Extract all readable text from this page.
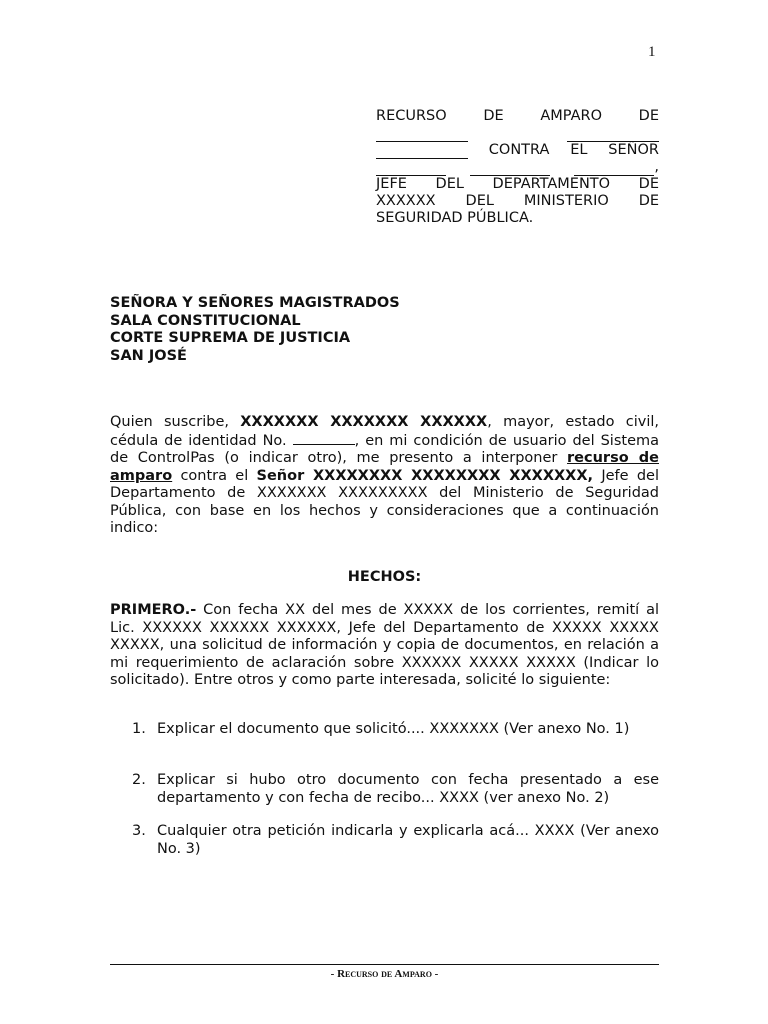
1

RECURSO	DE	AMPARO	DE

CONTRA EL SEÑOR

,

JEFE DEL DEPARTAMENTO DE

XXXXXX DEL MINISTERIO DE

SEGURIDAD PÚBLICA.

SEÑORA Y SEÑORES MAGISTRADOS
SALA CONSTITUCIONAL
CORTE SUPREMA DE JUSTICIA
SAN JOSÉ
Quien suscribe, XXXXXXX XXXXXXX XXXXXX, mayor, estado civil, cédula de identidad No.	, en mi condición de usuario del Sistema de ControlPas (o indicar otro), me presento a interponer recurso de amparo contra el Señor XXXXXXXX XXXXXXXX XXXXXXX, Jefe del Departamento de XXXXXXX XXXXXXXXX del Ministerio de Seguridad Pública, con base en los hechos y consideraciones que a continuación indico:
HECHOS:
PRIMERO.- Con fecha XX del mes de XXXXX de los corrientes, remití al Lic. XXXXXX XXXXXX XXXXXX, Jefe del Departamento de XXXXX XXXXX XXXXX, una solicitud de información y copia de documentos, en relación a mi requerimiento de aclaración sobre XXXXXX XXXXX XXXXX (Indicar lo solicitado). Entre otros y como parte interesada, solicité lo siguiente:
1. Explicar el documento que solicitó.... XXXXXXX (Ver anexo No. 1)
2. Explicar si hubo otro documento con fecha presentado a ese departamento y con fecha de recibo... XXXX (ver anexo No. 2)
3. Cualquier otra petición indicarla y explicarla acá... XXXX (Ver anexo No. 3)
- Recurso de Amparo -
